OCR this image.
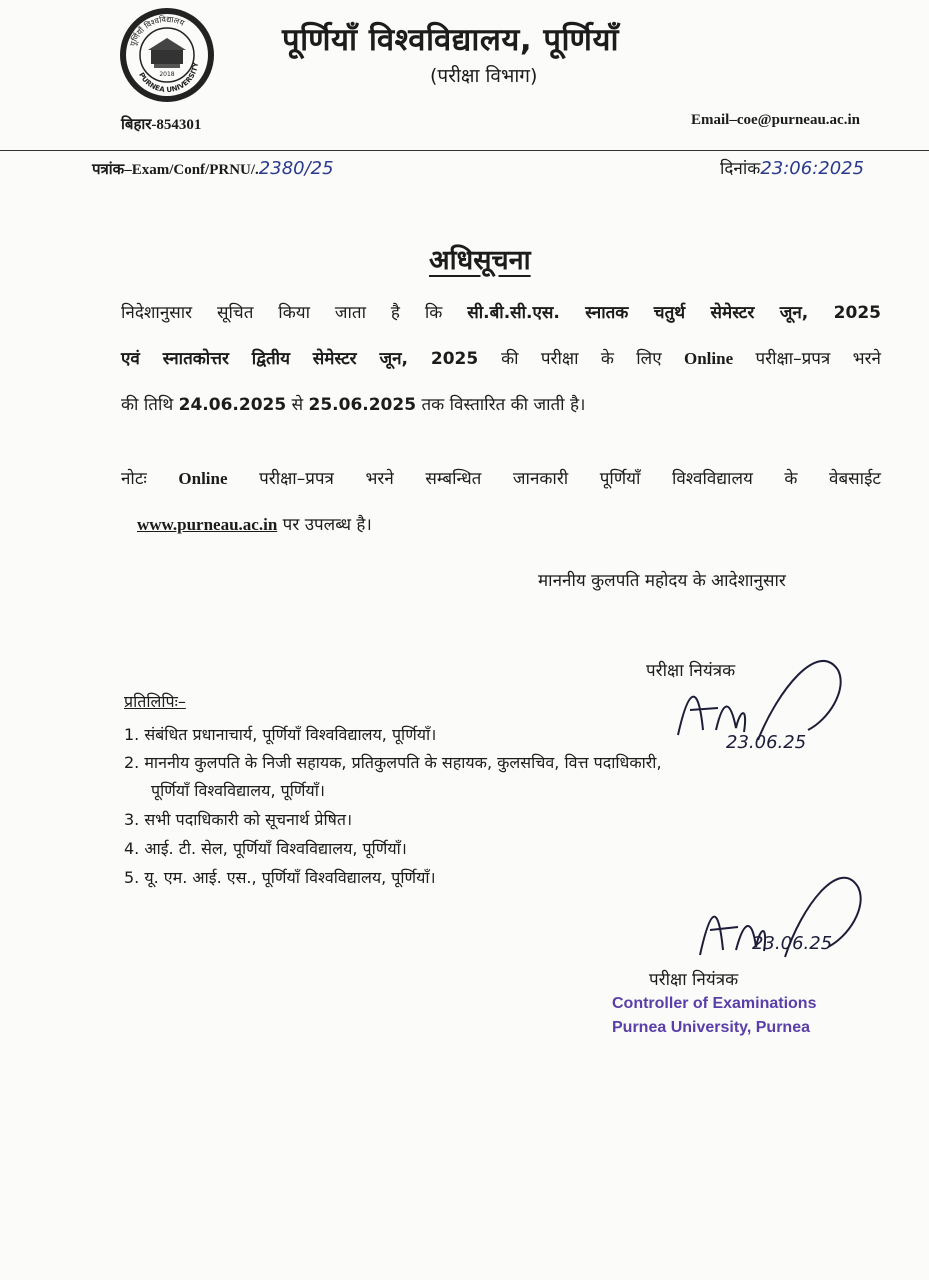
पूर्णियाँ विश्वविद्यालय
PURNEA UNIVERSITY
2018
पूर्णियाँ विश्वविद्यालय, पूर्णियाँ
(परीक्षा विभाग)
बिहार-854301	Email–coe@purneau.ac.in
पत्रांक–Exam/Conf/PRNU/.2380/25	दिनांक23:06:2025
अधिसूचना
निदेशानुसार सूचित किया जाता है कि सी.बी.सी.एस. स्नातक चतुर्थ सेमेस्टर जून, 2025
एवं स्नातकोत्तर द्वितीय सेमेस्टर जून, 2025 की परीक्षा के लिए Online परीक्षा–प्रपत्र भरने
की तिथि 24.06.2025 से 25.06.2025 तक विस्तारित की जाती है।
नोटः Online परीक्षा–प्रपत्र भरने सम्बन्धित जानकारी पूर्णियाँ विश्वविद्यालय के वेबसाईट
www.purneau.ac.in पर उपलब्ध है।
माननीय कुलपति महोदय के आदेशानुसार
परीक्षा नियंत्रक
23.06.25
प्रतिलिपिः–
1. संबंधित प्रधानाचार्य, पूर्णियाँ विश्वविद्यालय, पूर्णियाँ।
2. माननीय कुलपति के निजी सहायक, प्रतिकुलपति के सहायक, कुलसचिव, वित्त पदाधिकारी,
पूर्णियाँ विश्वविद्यालय, पूर्णियाँ।
3. सभी पदाधिकारी को सूचनार्थ प्रेषित।
4. आई. टी. सेल, पूर्णियाँ विश्वविद्यालय, पूर्णियाँ।
5. यू. एम. आई. एस., पूर्णियाँ विश्वविद्यालय, पूर्णियाँ।
23.06.25
परीक्षा नियंत्रक
Controller of Examinations
Purnea University, Purnea
